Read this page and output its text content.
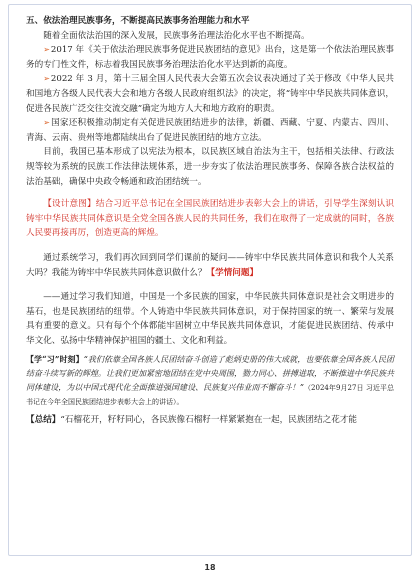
五、依法治理民族事务，不断提高民族事务治理能力和水平

随着全面依法治国的深入发展，民族事务治理法治化水平也不断提高。

➢2017 年《关于依法治理民族事务促进民族团结的意见》出台，这是第一个依法治理民族事务的专门性文件，标志着我国民族事务治理法治化水平达到新的高度。

➢2022 年 3 月，第十三届全国人民代表大会第五次会议表决通过了关于修改《中华人民共和国地方各级人民代表大会和地方各级人民政府组织法》的决定，将“铸牢中华民族共同体意识，促进各民族广泛交往交流交融”确定为地方人大和地方政府的职责。

➢国家还积极推动制定有关促进民族团结进步的法律，新疆、西藏、宁夏、内蒙古、四川、青海、云南、贵州等地都陆续出台了促进民族团结的地方立法。

目前，我国已基本形成了以宪法为根本，以民族区域自治法为主干，包括相关法律、行政法规等较为系统的民族工作法律法规体系，进一步夯实了依法治理民族事务、保障各族合法权益的法治基础，确保中央政令畅通和政治团结统一。

【设计意图】结合习近平总书记在全国民族团结进步表彰大会上的讲话，引导学生深刻认识铸牢中华民族共同体意识是全党全国各族人民的共同任务，我们在取得了一定成就的同时，各族人民要再接再厉，创造更高的辉煌。

通过系统学习，我们再次回到同学们课前的疑问——铸牢中华民族共同体意识和我个人关系大吗？我能为铸牢中华民族共同体意识做什么？【学情问题】

——通过学习我们知道，中国是一个多民族的国家，中华民族共同体意识是社会文明进步的基石，也是民族团结的纽带。个人铸造中华民族共同体意识，对于保持国家的统一、繁荣与发展具有重要的意义。只有每个个体都能牢固树立中华民族共同体意识，才能促进民族团结、传承中华文化、弘扬中华精神保护祖国的疆土、文化和利益。

【学“习”时刻】“我们依靠全国各族人民团结奋斗创造了彪炳史册的伟大成就，也要依靠全国各族人民团结奋斗续写新的辉煌。让我们更加紧密地团结在党中央周围，勠力同心、拼搏进取，不断推进中华民族共同体建设，为以中国式现代化全面推进强国建设、民族复兴伟业而不懈奋斗！”（2024年9月27日 习近平总书记在今年全国民族团结进步表彰大会上的讲话）。

【总结】“石榴花开，籽籽同心，各民族像石榴籽一样紧紧抱在一起，民族团结之花才能

18
